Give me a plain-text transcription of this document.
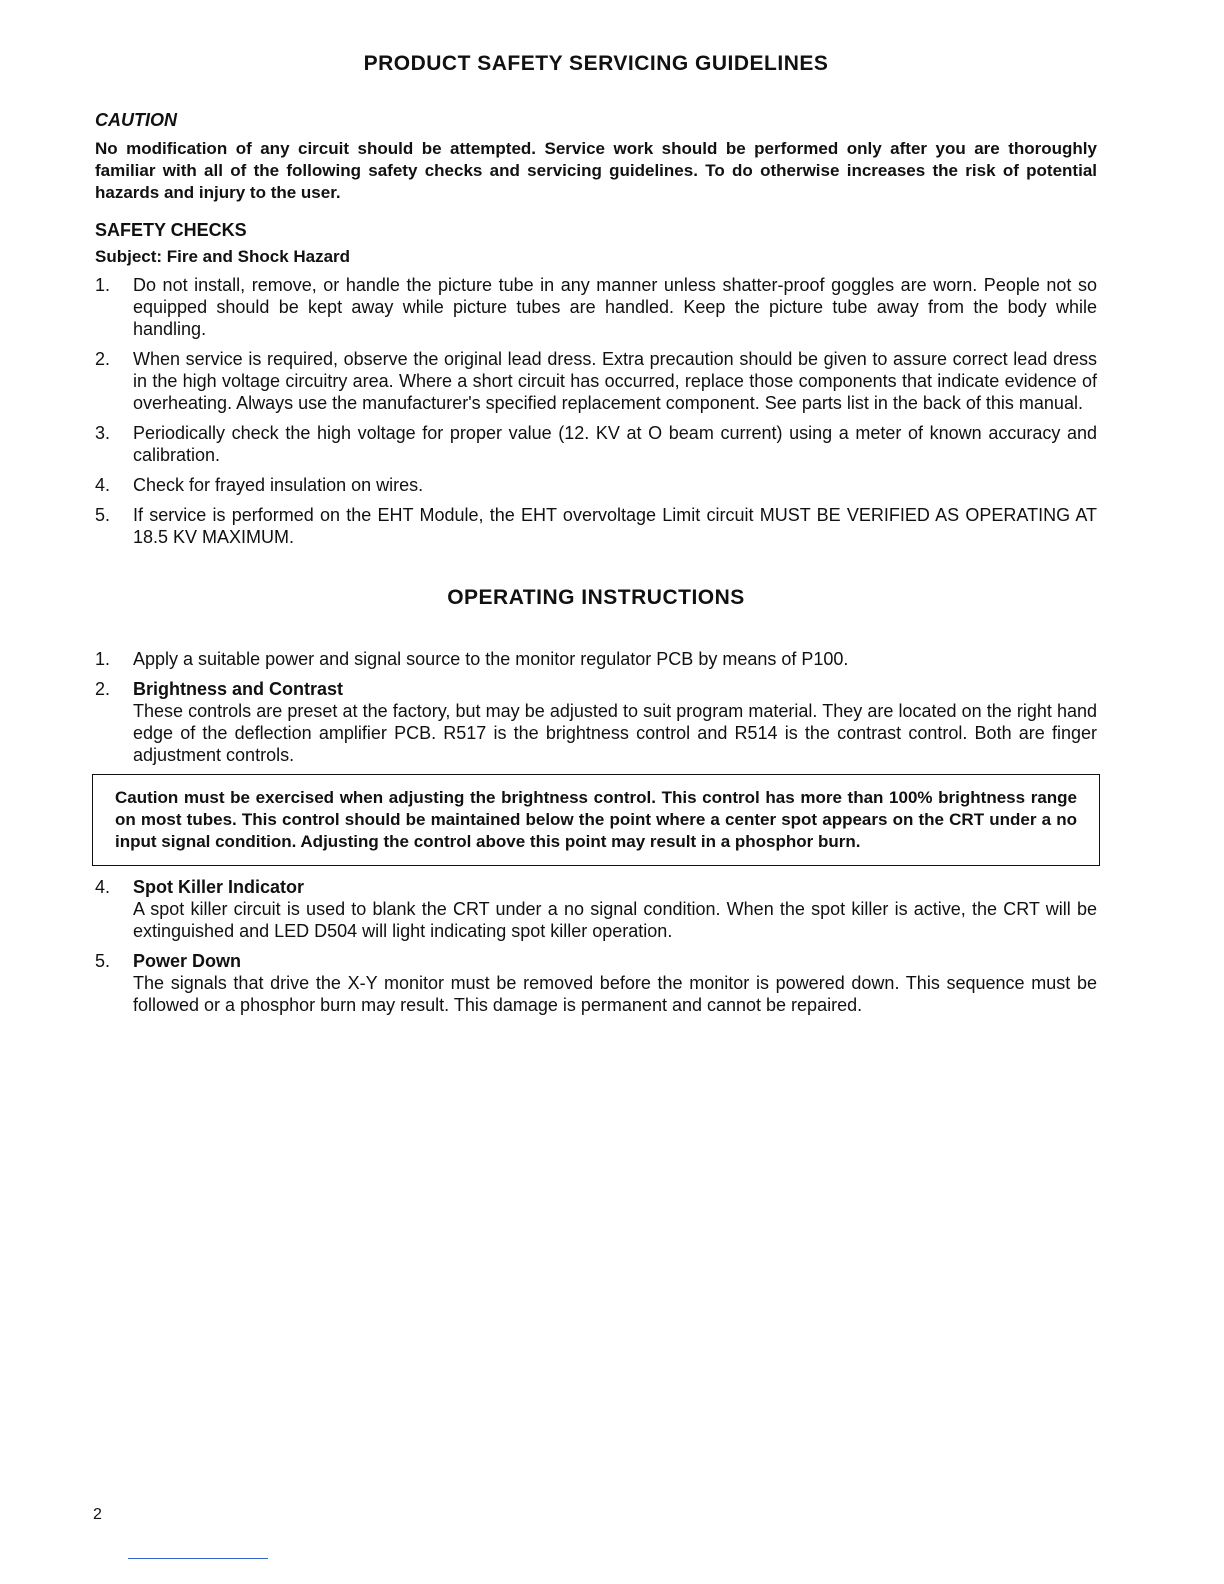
PRODUCT SAFETY SERVICING GUIDELINES
CAUTION

No modification of any circuit should be attempted. Service work should be performed only after you are thoroughly familiar with all of the following safety checks and servicing guidelines. To do otherwise increases the risk of potential hazards and injury to the user.

SAFETY CHECKS
Subject: Fire and Shock Hazard
1.	Do not install, remove, or handle the picture tube in any manner unless shatter-proof goggles are worn. People not so equipped should be kept away while picture tubes are handled. Keep the picture tube away from the body while handling.
2.	When service is required, observe the original lead dress. Extra precaution should be given to assure correct lead dress in the high voltage circuitry area. Where a short circuit has occurred, replace those components that indicate evidence of overheating. Always use the manufacturer's specified replacement component. See parts list in the back of this manual.
3.	Periodically check the high voltage for proper value (12. KV at O beam current) using a meter of known accuracy and calibration.
4.	Check for frayed insulation on wires.
5.	If service is performed on the EHT Module, the EHT overvoltage Limit circuit MUST BE VERIFIED AS OPERATING AT 18.5 KV MAXIMUM.
OPERATING INSTRUCTIONS
1.	Apply a suitable power and signal source to the monitor regulator PCB by means of P100.
2.	Brightness and Contrast
These controls are preset at the factory, but may be adjusted to suit program material. They are located on the right hand edge of the deflection amplifier PCB. R517 is the brightness control and R514 is the contrast control. Both are finger adjustment controls.
Caution must be exercised when adjusting the brightness control. This control has more than 100% brightness range on most tubes. This control should be maintained below the point where a center spot appears on the CRT under a no input signal condition. Adjusting the control above this point may result in a phosphor burn.
4.	Spot Killer Indicator
A spot killer circuit is used to blank the CRT under a no signal condition. When the spot killer is active, the CRT will be extinguished and LED D504 will light indicating spot killer operation.
5.	Power Down
The signals that drive the X-Y monitor must be removed before the monitor is powered down. This sequence must be followed or a phosphor burn may result. This damage is permanent and cannot be repaired.
2
